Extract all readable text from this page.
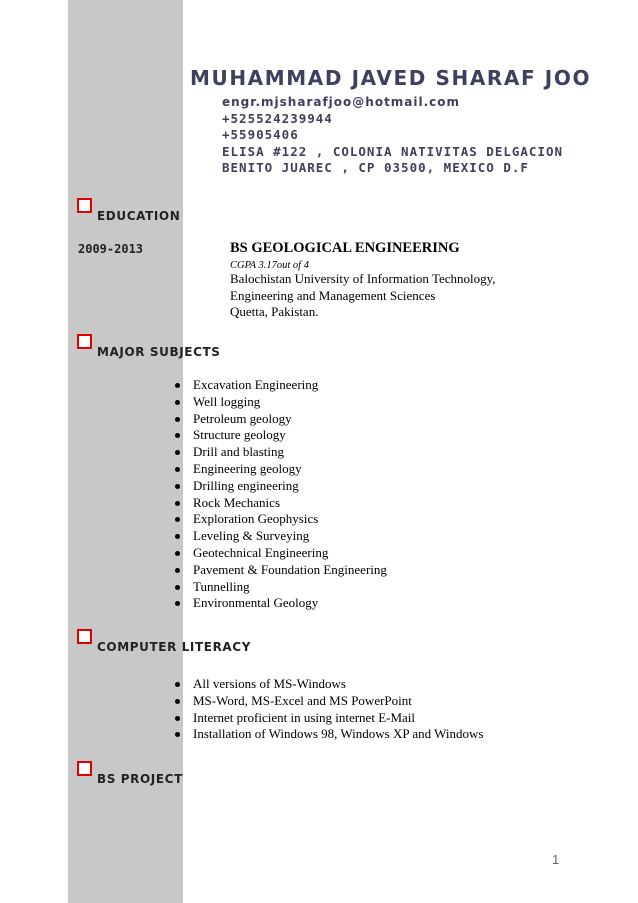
MUHAMMAD JAVED SHARAF JOO
engr.mjsharafjoo@hotmail.com
+525524239944
+55905406
ELISA #122 , COLONIA NATIVITAS DELGACION
BENITO JUAREC , CP 03500, MEXICO D.F
EDUCATION
2009-2013	BS GEOLOGICAL ENGINEERING
CGPA 3.17out of 4
Balochistan University of Information Technology,
Engineering and Management Sciences
Quetta, Pakistan.
MAJOR SUBJECTS
Excavation Engineering
Well logging
Petroleum geology
Structure geology
Drill and blasting
Engineering geology
Drilling engineering
Rock Mechanics
Exploration Geophysics
Leveling & Surveying
Geotechnical Engineering
Pavement & Foundation Engineering
Tunnelling
Environmental Geology
COMPUTER LITERACY
All versions of MS-Windows
MS-Word, MS-Excel and MS PowerPoint
Internet proficient in using internet E-Mail
Installation of Windows 98, Windows XP and Windows
BS PROJECT
1
